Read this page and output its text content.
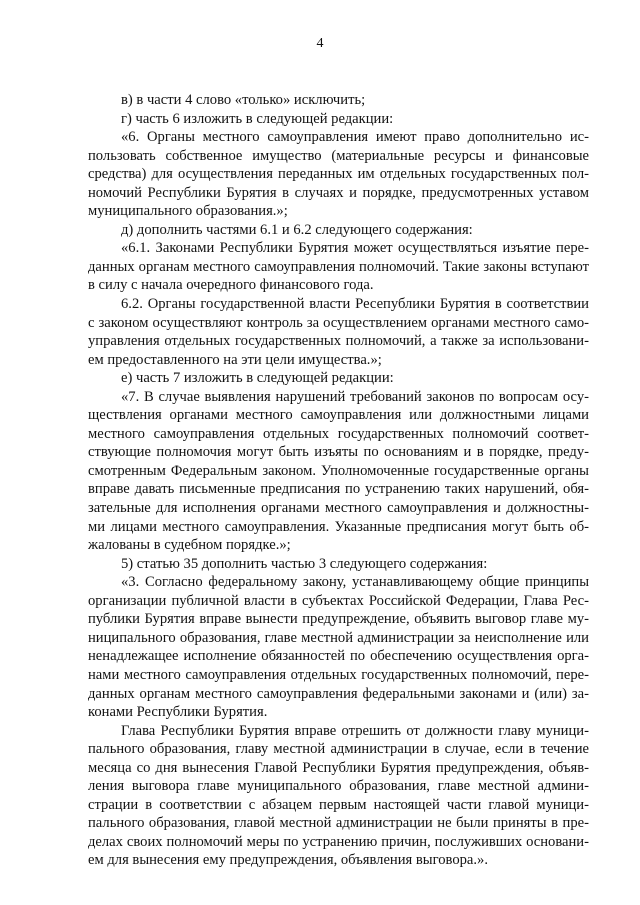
4

в) в части 4 слово «только» исключить;

г) часть 6 изложить в следующей редакции:

«6. Органы местного самоуправления имеют право дополнительно использовать собственное имущество (материальные ресурсы и финансовые средства) для осуществления переданных им отдельных государственных полномочий Республики Бурятия в случаях и порядке, предусмотренных уставом муниципального образования.»;

д) дополнить частями 6.1 и 6.2 следующего содержания:

«6.1. Законами Республики Бурятия может осуществляться изъятие переданных органам местного самоуправления полномочий. Такие законы вступают в силу с начала очередного финансового года.

6.2. Органы государственной власти Ресепублики Бурятия в соответствии с законом осуществляют контроль за осуществлением органами местного самоуправления отдельных государственных полномочий, а также за использованием предоставленного на эти цели имущества.»;

е) часть 7 изложить в следующей редакции:

«7. В случае выявления нарушений требований законов по вопросам осуществления органами местного самоуправления или должностными лицами местного самоуправления отдельных государственных полномочий соответствующие полномочия могут быть изъяты по основаниям и в порядке, предусмотренным Федеральным законом. Уполномоченные государственные органы вправе давать письменные предписания по устранению таких нарушений, обязательные для исполнения органами местного самоуправления и должностными лицами местного самоуправления. Указанные предписания могут быть обжалованы в судебном порядке.»;

5) статью 35 дополнить частью 3 следующего содержания:

«3. Согласно федеральному закону, устанавливающему общие принципы организации публичной власти в субъектах Российской Федерации, Глава Республики Бурятия вправе вынести предупреждение, объявить выговор главе муниципального образования, главе местной администрации за неисполнение или ненадлежащее исполнение обязанностей по обеспечению осуществления органами местного самоуправления отдельных государственных полномочий, переданных органам местного самоуправления федеральными законами и (или) законами Республики Бурятия.

Глава Республики Бурятия вправе отрешить от должности главу муниципального образования, главу местной администрации в случае, если в течение месяца со дня вынесения Главой Республики Бурятия предупреждения, объявления выговора главе муниципального образования, главе местной администрации в соответствии с абзацем первым настоящей части главой муниципального образования, главой местной администрации не были приняты в пределах своих полномочий меры по устранению причин, послуживших основанием для вынесения ему предупреждения, объявления выговора.».
